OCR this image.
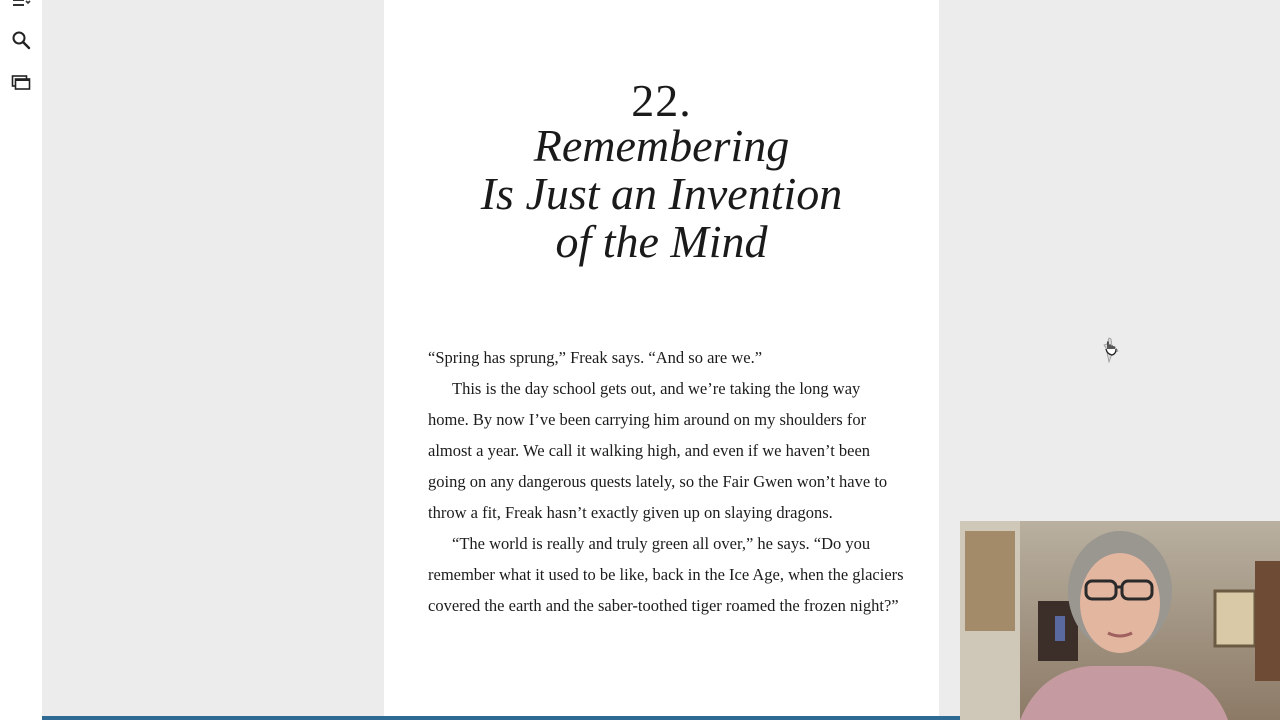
22.
Remembering
Is Just an Invention
of the Mind

“Spring has sprung,” Freak says. “And so are we.”

This is the day school gets out, and we’re taking the long way home. By now I’ve been carrying him around on my shoulders for almost a year. We call it walking high, and even if we haven’t been going on any dangerous quests lately, so the Fair Gwen won’t have to throw a fit, Freak hasn’t exactly given up on slaying dragons.

“The world is really and truly green all over,” he says. “Do you remember what it used to be like, back in the Ice Age, when the glaciers covered the earth and the saber-toothed tiger roamed the frozen night?”
